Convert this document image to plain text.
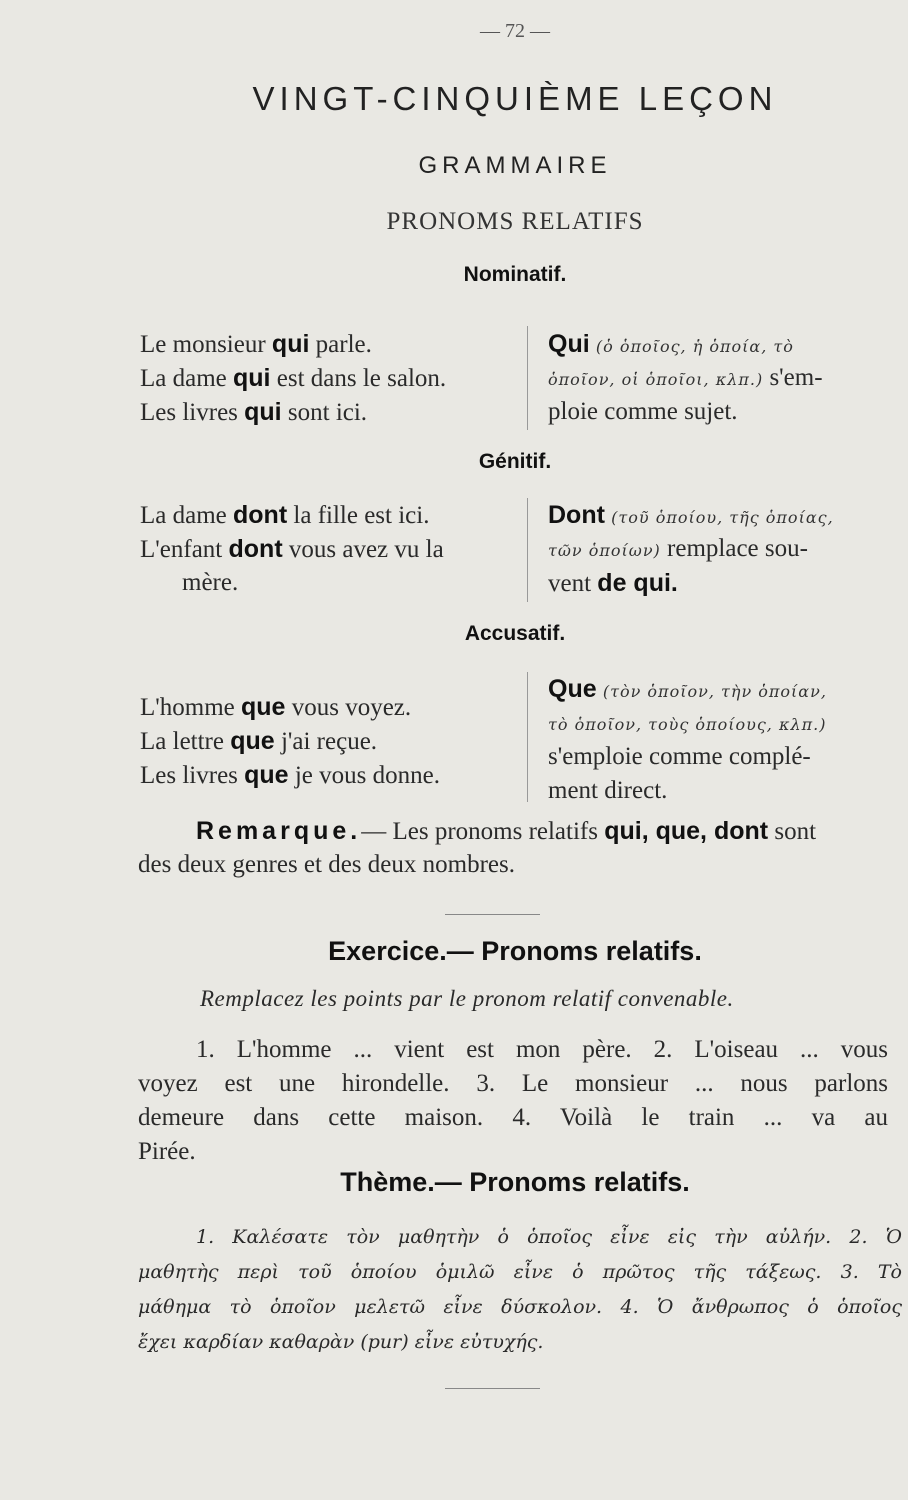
— 72 —
VINGT-CINQUIÈME LEÇON
GRAMMAIRE
PRONOMS RELATIFS
Nominatif.
Le monsieur qui parle.
La dame qui est dans le salon.
Les livres qui sont ici.
Qui (ὁ ὁποῖος, ἡ ὁποία, τὸ
ὁποῖον, οἱ ὁποῖοι, κλπ.) s'em-
ploie comme sujet.
Génitif.
La dame dont la fille est ici.
L'enfant dont vous avez vu la
mère.
Dont (τοῦ ὁποίου, τῆς ὁποίας,
τῶν ὁποίων) remplace sou-
vent de qui.
Accusatif.
L'homme que vous voyez.
La lettre que j'ai reçue.
Les livres que je vous donne.
Que (τὸν ὁποῖον, τὴν ὁποίαν,
τὸ ὁποῖον, τοὺς ὁποίους, κλπ.)
s'emploie comme complé-
ment direct.
Remarque.— Les pronoms relatifs qui, que, dont sont
des deux genres et des deux nombres.
Exercice.— Pronoms relatifs.
Remplacez les points par le pronom relatif convenable.
1. L'homme ... vient est mon père. 2. L'oiseau ... vous
voyez est une hirondelle. 3. Le monsieur ... nous parlons
demeure dans cette maison. 4. Voilà le train ... va au
Pirée.
Thème.— Pronoms relatifs.
1. Καλέσατε τὸν μαθητὴν ὁ ὁποῖος εἶνε εἰς τὴν αὐλήν. 2. Ὁ
μαθητὴς περὶ τοῦ ὁποίου ὁμιλῶ εἶνε ὁ πρῶτος τῆς τάξεως. 3. Τὸ
μάθημα τὸ ὁποῖον μελετῶ εἶνε δύσκολον. 4. Ὁ ἄνθρωπος ὁ ὁποῖος
ἔχει καρδίαν καθαρὰν (pur) εἶνε εὐτυχής.
